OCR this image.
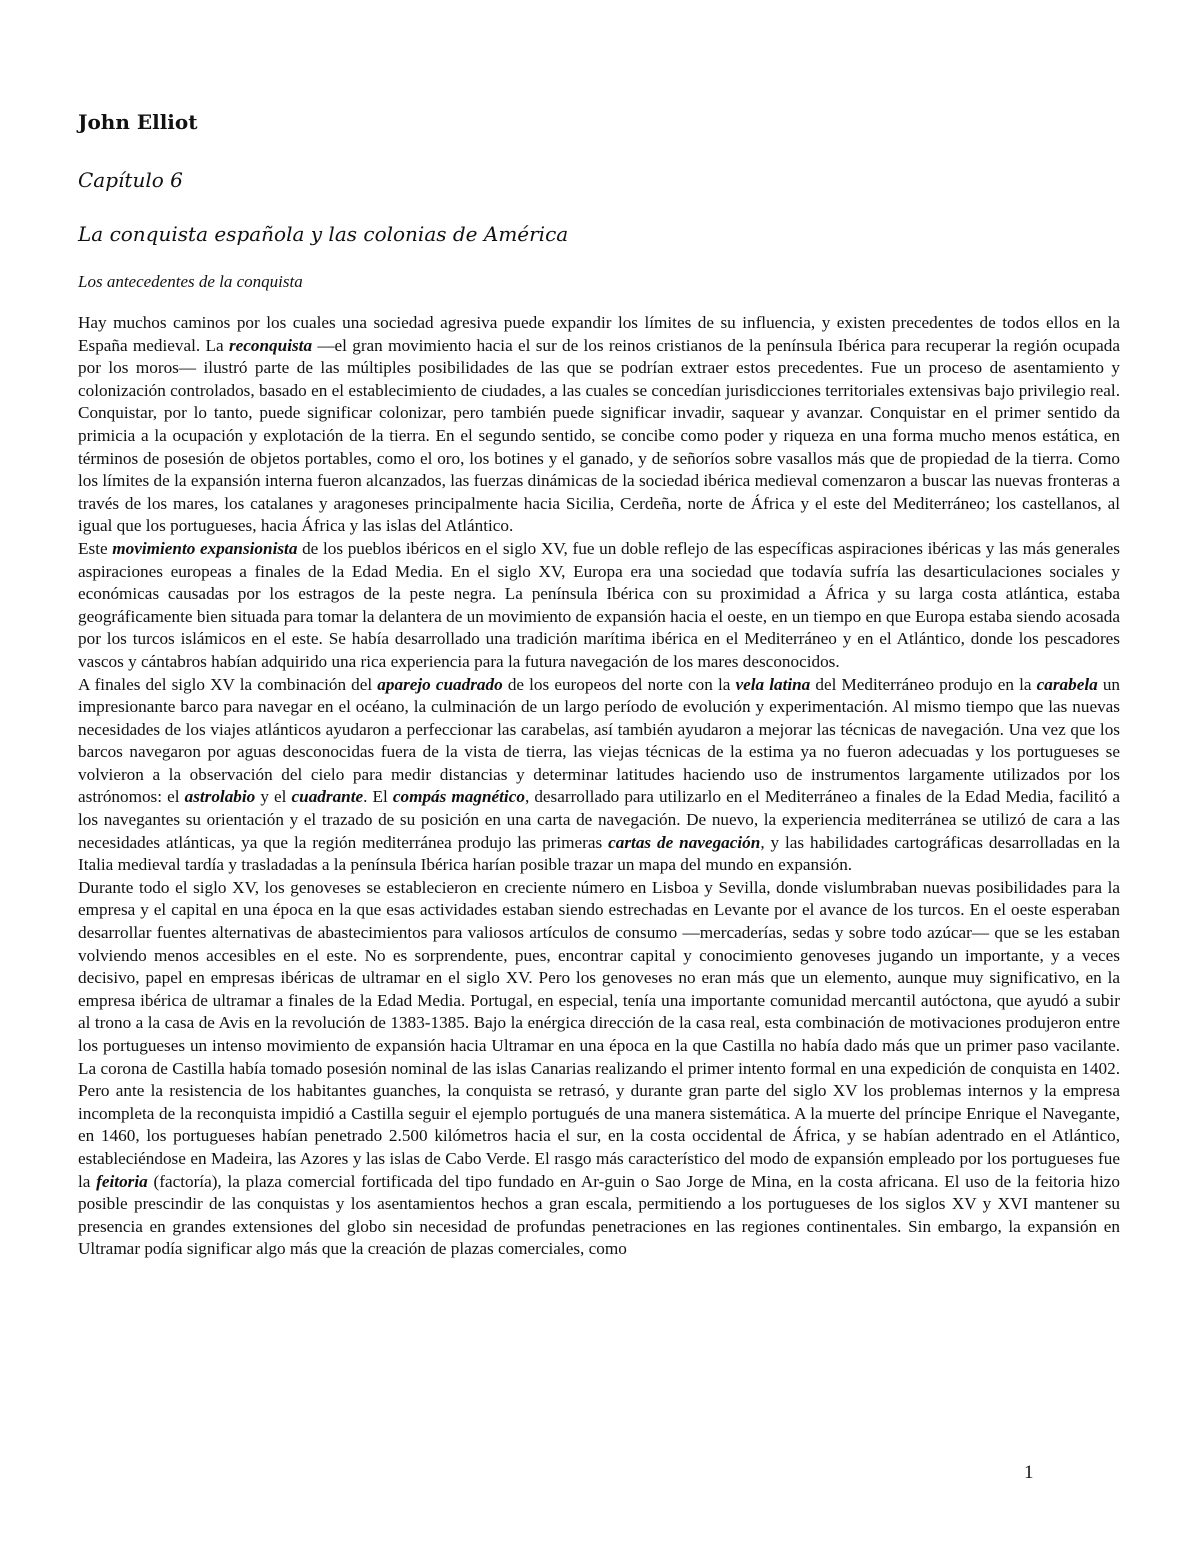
John Elliot
Capítulo 6
La conquista española y las colonias de América
Los antecedentes de la conquista

Hay muchos caminos por los cuales una sociedad agresiva puede expandir los límites de su influencia, y existen precedentes de todos ellos en la España medieval. La reconquista —el gran movimiento hacia el sur de los reinos cristianos de la península Ibérica para recuperar la región ocupada por los moros— ilustró parte de las múltiples posibilidades de las que se podrían extraer estos precedentes. Fue un proceso de asentamiento y colonización controlados, basado en el establecimiento de ciudades, a las cuales se concedían jurisdicciones territoriales extensivas bajo privilegio real. Conquistar, por lo tanto, puede significar colonizar, pero también puede significar invadir, saquear y avanzar. Conquistar en el primer sentido da primicia a la ocupación y explotación de la tierra. En el segundo sentido, se concibe como poder y riqueza en una forma mucho menos estática, en términos de posesión de objetos portables, como el oro, los botines y el ganado, y de señoríos sobre vasallos más que de propiedad de la tierra. Como los límites de la expansión interna fueron alcanzados, las fuerzas dinámicas de la sociedad ibérica medieval comenzaron a buscar las nuevas fronteras a través de los mares, los catalanes y aragoneses principalmente hacia Sicilia, Cerdeña, norte de África y el este del Mediterráneo; los castellanos, al igual que los portugueses, hacia África y las islas del Atlántico.

Este movimiento expansionista de los pueblos ibéricos en el siglo XV, fue un doble reflejo de las específicas aspiraciones ibéricas y las más generales aspiraciones europeas a finales de la Edad Media. En el siglo XV, Europa era una sociedad que todavía sufría las desarticulaciones sociales y económicas causadas por los estragos de la peste negra. La península Ibérica con su proximidad a África y su larga costa atlántica, estaba geográficamente bien situada para tomar la delantera de un movimiento de expansión hacia el oeste, en un tiempo en que Europa estaba siendo acosada por los turcos islámicos en el este. Se había desarrollado una tradición marítima ibérica en el Mediterráneo y en el Atlántico, donde los pescadores vascos y cántabros habían adquirido una rica experiencia para la futura navegación de los mares desconocidos.

A finales del siglo XV la combinación del aparejo cuadrado de los europeos del norte con la vela latina del Mediterráneo produjo en la carabela un impresionante barco para navegar en el océano, la culminación de un largo período de evolución y experimentación. Al mismo tiempo que las nuevas necesidades de los viajes atlánticos ayudaron a perfeccionar las carabelas, así también ayudaron a mejorar las técnicas de navegación. Una vez que los barcos navegaron por aguas desconocidas fuera de la vista de tierra, las viejas técnicas de la estima ya no fueron adecuadas y los portugueses se volvieron a la observación del cielo para medir distancias y determinar latitudes haciendo uso de instrumentos largamente utilizados por los astrónomos: el astrolabio y el cuadrante. El compás magnético, desarrollado para utilizarlo en el Mediterráneo a finales de la Edad Media, facilitó a los navegantes su orientación y el trazado de su posición en una carta de navegación. De nuevo, la experiencia mediterránea se utilizó de cara a las necesidades atlánticas, ya que la región mediterránea produjo las primeras cartas de navegación, y las habilidades cartográficas desarrolladas en la Italia medieval tardía y trasladadas a la península Ibérica harían posible trazar un mapa del mundo en expansión.

Durante todo el siglo XV, los genoveses se establecieron en creciente número en Lisboa y Sevilla, donde vislumbraban nuevas posibilidades para la empresa y el capital en una época en la que esas actividades estaban siendo estrechadas en Levante por el avance de los turcos. En el oeste esperaban desarrollar fuentes alternativas de abastecimientos para valiosos artículos de consumo —mercaderías, sedas y sobre todo azúcar— que se les estaban volviendo menos accesibles en el este. No es sorprendente, pues, encontrar capital y conocimiento genoveses jugando un importante, y a veces decisivo, papel en empresas ibéricas de ultramar en el siglo XV. Pero los genoveses no eran más que un elemento, aunque muy significativo, en la empresa ibérica de ultramar a finales de la Edad Media. Portugal, en especial, tenía una importante comunidad mercantil autóctona, que ayudó a subir al trono a la casa de Avis en la revolución de 1383-1385. Bajo la enérgica dirección de la casa real, esta combinación de motivaciones produjeron entre los portugueses un intenso movimiento de expansión hacia Ultramar en una época en la que Castilla no había dado más que un primer paso vacilante. La corona de Castilla había tomado posesión nominal de las islas Canarias realizando el primer intento formal en una expedición de conquista en 1402. Pero ante la resistencia de los habitantes guanches, la conquista se retrasó, y durante gran parte del siglo XV los problemas internos y la empresa incompleta de la reconquista impidió a Castilla seguir el ejemplo portugués de una manera sistemática. A la muerte del príncipe Enrique el Navegante, en 1460, los portugueses habían penetrado 2.500 kilómetros hacia el sur, en la costa occidental de África, y se habían adentrado en el Atlántico, estableciéndose en Madeira, las Azores y las islas de Cabo Verde. El rasgo más característico del modo de expansión empleado por los portugueses fue la feitoria (factoría), la plaza comercial fortificada del tipo fundado en Ar-guin o Sao Jorge de Mina, en la costa africana. El uso de la feitoria hizo posible prescindir de las conquistas y los asentamientos hechos a gran escala, permitiendo a los portugueses de los siglos XV y XVI mantener su presencia en grandes extensiones del globo sin necesidad de profundas penetraciones en las regiones continentales. Sin embargo, la expansión en Ultramar podía significar algo más que la creación de plazas comerciales, como

1
